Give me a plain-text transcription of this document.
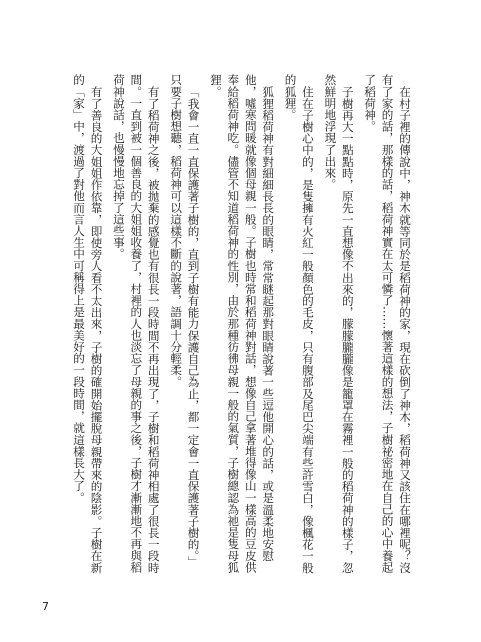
在村子裡的傳說中，神木就等同於是稻荷神的家，現在砍倒了神木，稻荷神又該住在哪裡呢？沒有了家的話，那樣的話，稻荷神實在太可憐了……懷著這樣的想法，子樹祕密地在自己的心中養起了稻荷神。

子樹再大一點點時，原先一直想像不出來的，朦朦朧朧像是籠罩在霧裡一般的稻荷神的樣子，忽然鮮明地浮現了出來。

住在子樹心中的，是隻擁有火紅一般顏色的毛皮，只有腹部及尾巴尖端有些許雪白，像楓花一般的狐狸。

狐狸稻荷神有對細細長長的眼睛，常常瞇起那對眼睛說著一些逗他開心的話，或是溫柔地安慰他，噓寒問暖就像個母親一般。子樹也時常和稻荷神對話，想像自己拿著堆得像山一樣高的豆皮供奉給稻荷神吃。儘管不知道稻荷神的性別，由於那種彷彿母親一般的氣質，子樹總認為祂是隻母狐狸。

「我會一直一直保護著子樹的，直到子樹有能力保護自己為止，都一定會一直保護著子樹的。」只要子樹想聽，稻荷神可以這樣不斷的說著，語調十分輕柔。

有了稻荷神之後，被拋棄的感覺也有很長一段時間不再出現了，子樹和稻荷神相處了很長一段時間。一直到被一個善良的大姐姐收養了，村裡的人也淡忘了母親的事之後，子樹才漸漸地不再與稻荷神說話，也慢慢地忘掉了這些事。

有了善良的大姐姐作依靠，即使旁人看不太出來，子樹的確開始擺脫母親帶來的陰影。子樹在新的「家」中，渡過了對他而言人生中可稱得上是最美好的一段時間，就這樣長大了。

7
